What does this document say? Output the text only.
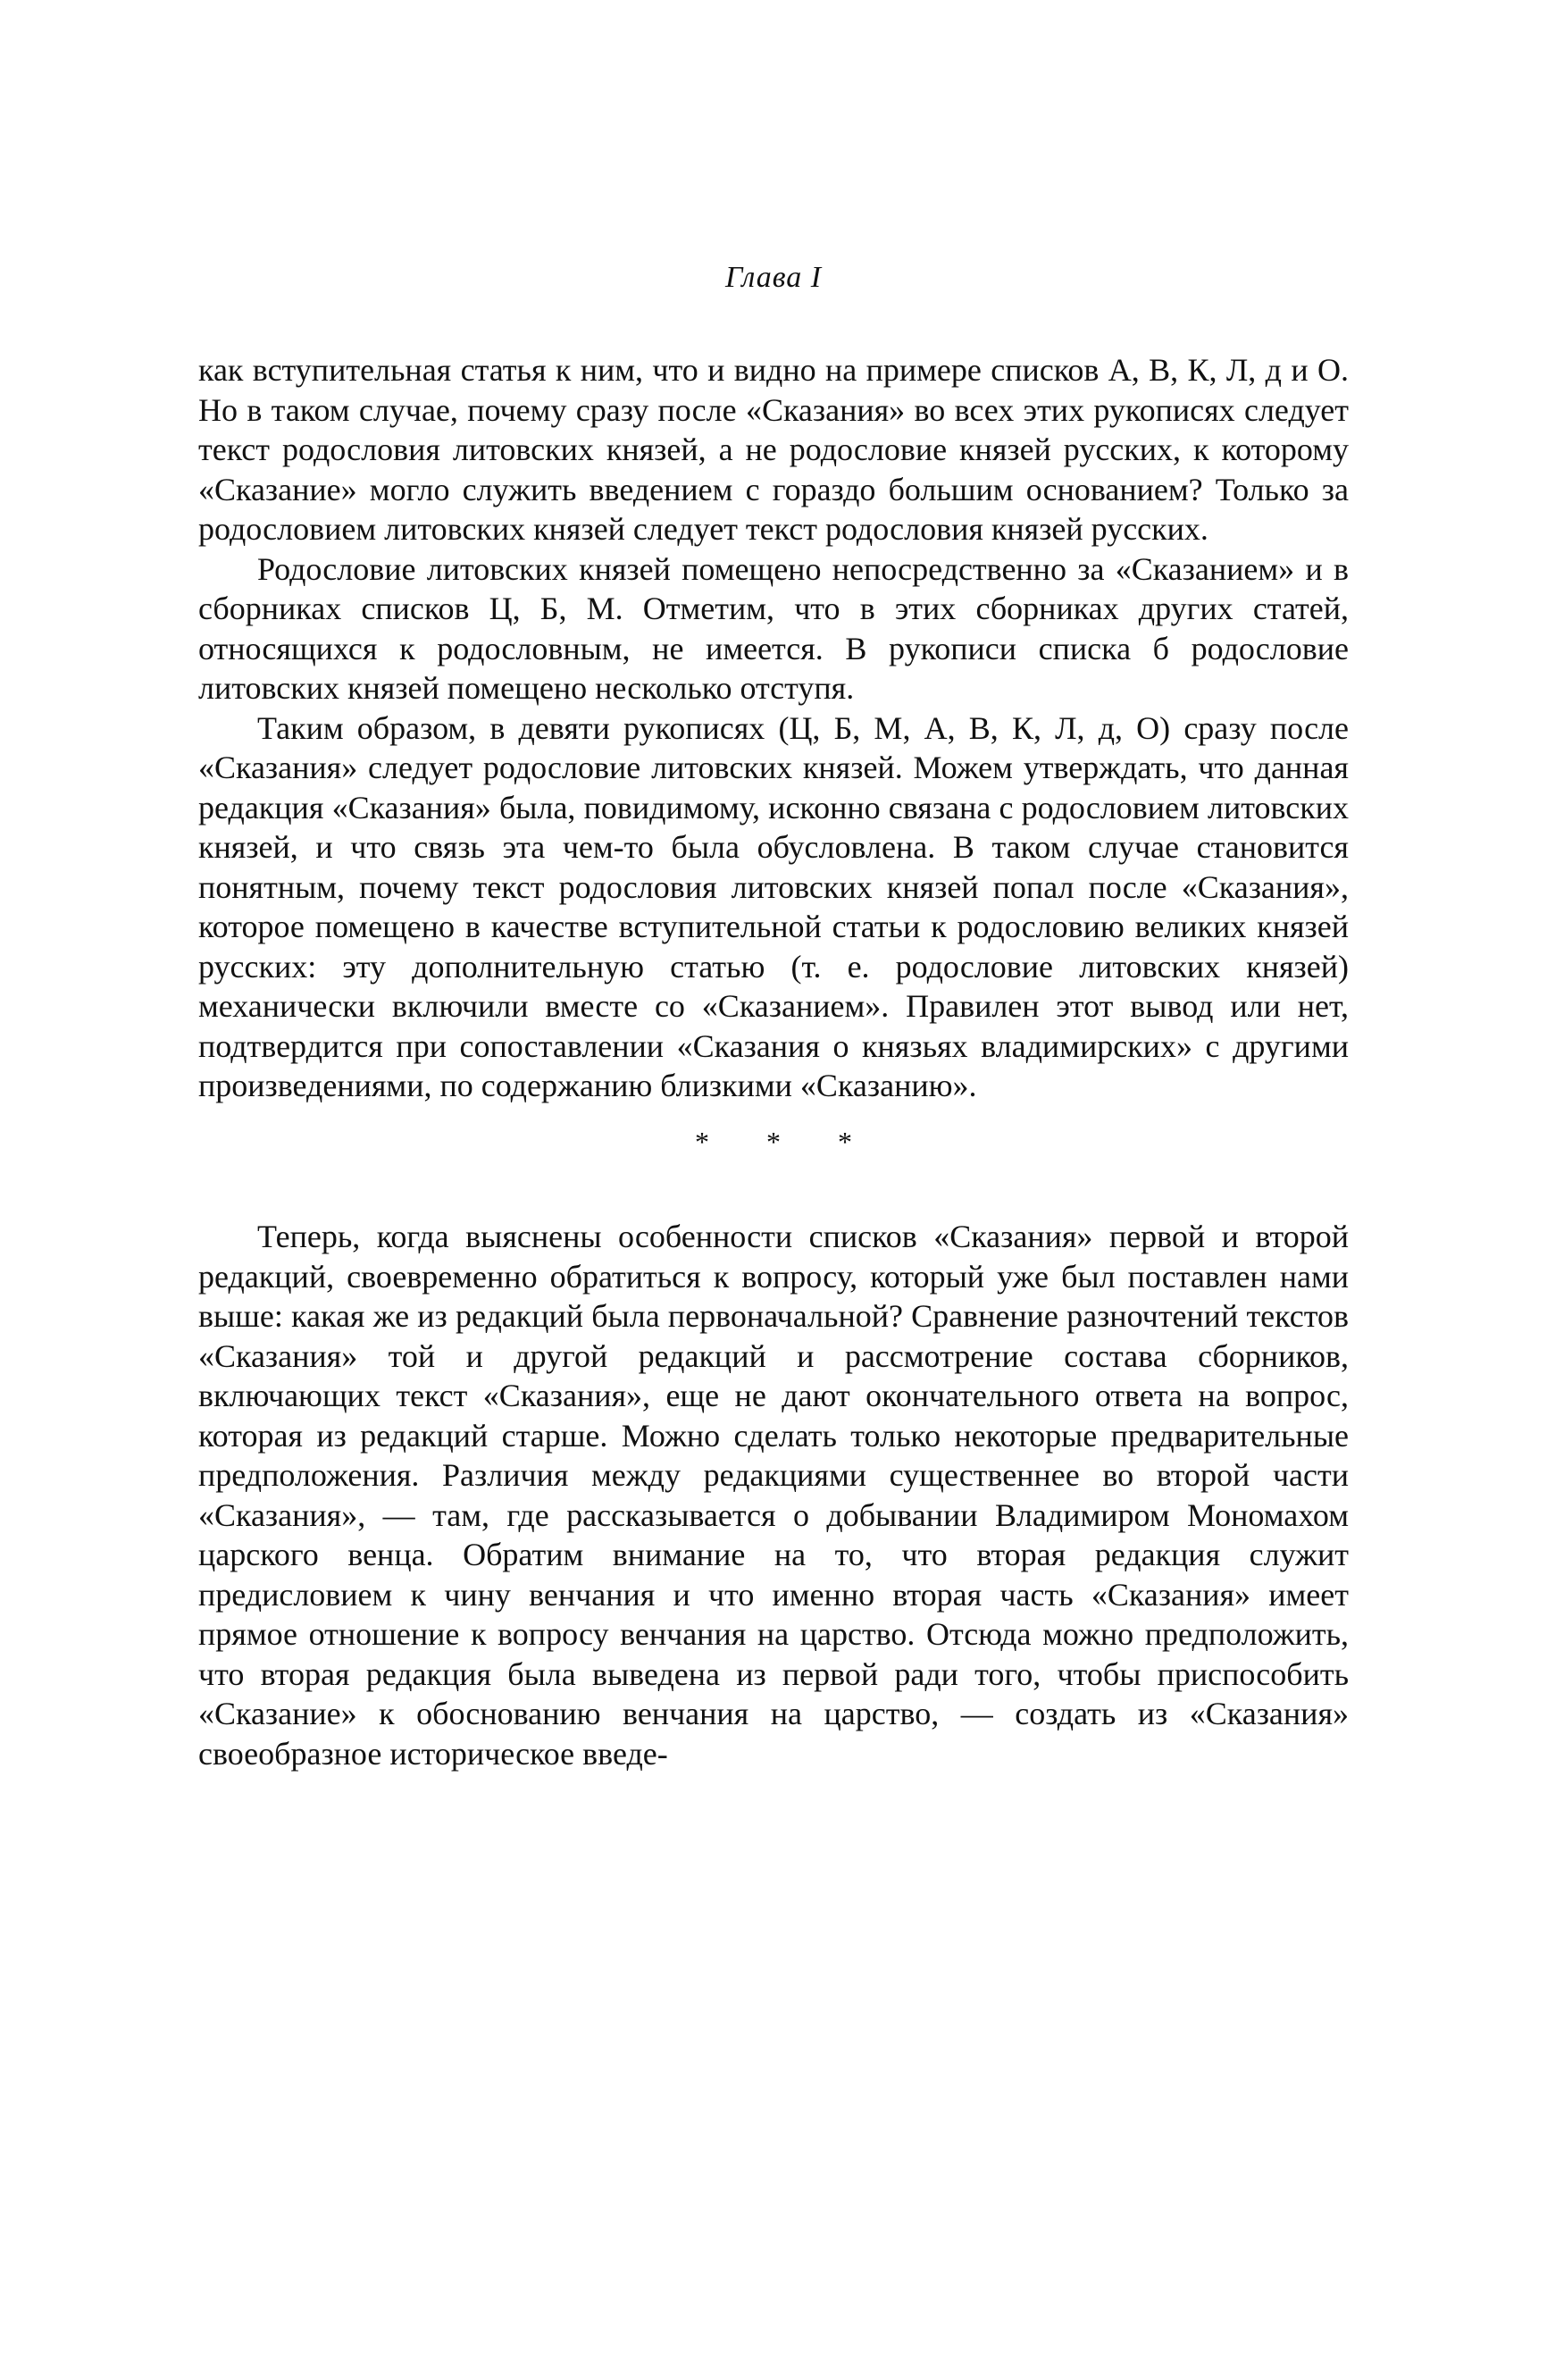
Глава I

как вступительная статья к ним, что и видно на примере списков А, В, К, Л, д и О. Но в таком случае, почему сразу после «Сказания» во всех этих рукописях следует текст родословия литовских князей, а не родословие князей русских, к которому «Сказание» могло служить введением с гораздо большим основанием? Только за родословием литовских князей следует текст родословия князей русских.

Родословие литовских князей помещено непосредственно за «Сказанием» и в сборниках списков Ц, Б, М. Отметим, что в этих сборниках других статей, относящихся к родословным, не имеется. В рукописи списка б родословие литовских князей помещено несколько отступя.

Таким образом, в девяти рукописях (Ц, Б, М, А, В, К, Л, д, О) сразу после «Сказания» следует родословие литовских князей. Можем утверждать, что данная редакция «Сказания» была, повидимому, исконно связана с родословием литовских князей, и что связь эта чем-то была обусловлена. В таком случае становится понятным, почему текст родословия литовских князей попал после «Сказания», которое помещено в качестве вступительной статьи к родословию великих князей русских: эту дополнительную статью (т. е. родословие литовских князей) механически включили вместе со «Сказанием». Правилен этот вывод или нет, подтвердится при сопоставлении «Сказания о князьях владимирских» с другими произведениями, по содержанию близкими «Сказанию».

* * *

Теперь, когда выяснены особенности списков «Сказания» первой и второй редакций, своевременно обратиться к вопросу, который уже был поставлен нами выше: какая же из редакций была первоначальной? Сравнение разночтений текстов «Сказания» той и другой редакций и рассмотрение состава сборников, включающих текст «Сказания», еще не дают окончательного ответа на вопрос, которая из редакций старше. Можно сделать только некоторые предварительные предположения. Различия между редакциями существеннее во второй части «Сказания», — там, где рассказывается о добывании Владимиром Мономахом царского венца. Обратим внимание на то, что вторая редакция служит предисловием к чину венчания и что именно вторая часть «Сказания» имеет прямое отношение к вопросу венчания на царство. Отсюда можно предположить, что вторая редакция была выведена из первой ради того, чтобы приспособить «Сказание» к обоснованию венчания на царство, — создать из «Сказания» своеобразное историческое введе-
